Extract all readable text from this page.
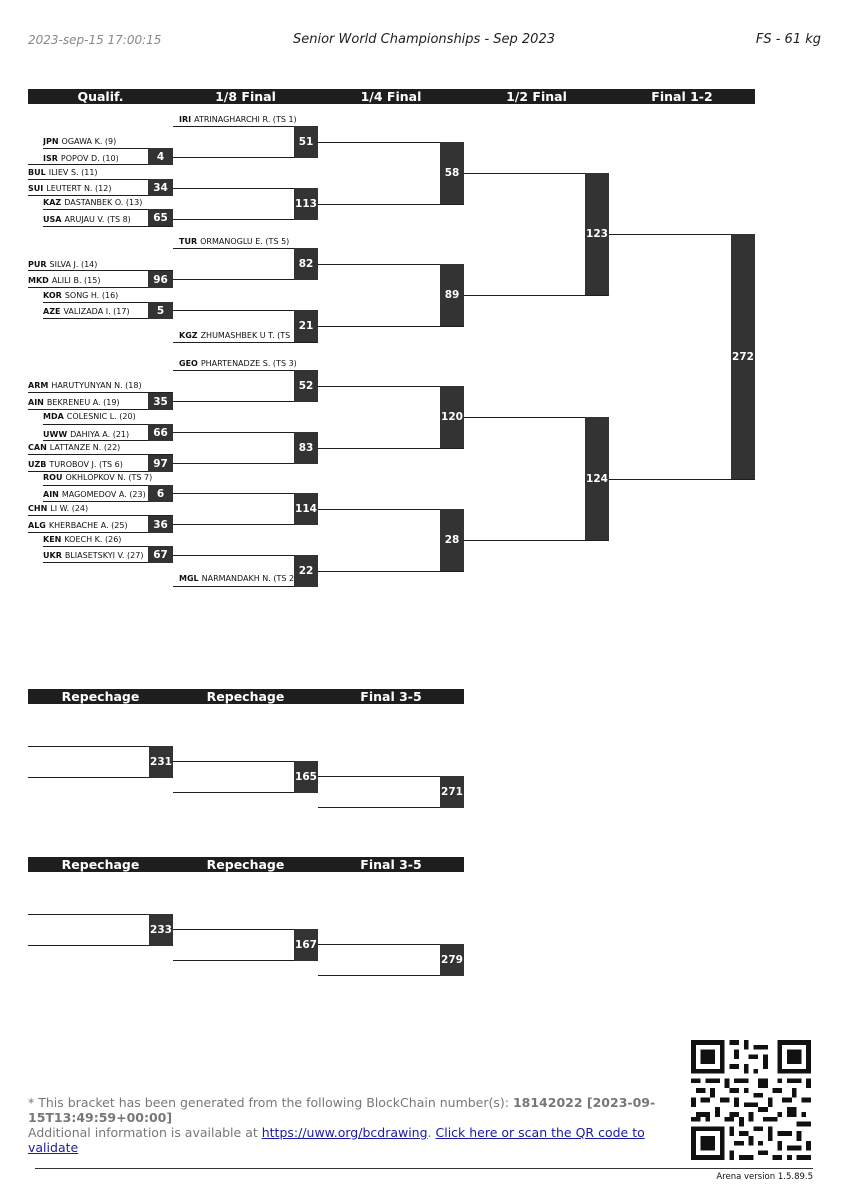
2023-sep-15 17:00:15	Senior World Championships - Sep 2023	FS - 61 kg
Qualif.	1/8 Final	1/4 Final	1/2 Final	Final 1-2
IRI ATRINAGHARCHI R. (TS 1)
JPN OGAWA K. (9)
ISR POPOV D. (10)
BUL ILIEV S. (11)
SUI LEUTERT N. (12)
KAZ DASTANBEK O. (13)
USA ARUJAU V. (TS 8)
TUR ORMANOGLU E. (TS 5)
PUR SILVA J. (14)
MKD ALILI B. (15)
KOR SONG H. (16)
AZE VALIZADA I. (17)
KGZ ZHUMASHBEK U T. (TS
GEO PHARTENADZE S. (TS 3)
ARM HARUTYUNYAN N. (18)
AIN BEKRENEU A. (19)
MDA COLESNIC L. (20)
UWW DAHIYA A. (21)
CAN LATTANZE N. (22)
UZB TUROBOV J. (TS 6)
ROU OKHLOPKOV N. (TS 7)
AIN MAGOMEDOV A. (23)
CHN LI W. (24)
ALG KHERBACHE A. (25)
KEN KOECH K. (26)
UKR BLIASETSKYI V. (27)
MGL NARMANDAKH N. (TS 2
4
34
65
96
5
35
66
97
6
36
67
51
113
82
21
52
83
114
22
58
89
120
28
123
124
272
Repechage	Repechage	Final 3-5
231
165
271
Repechage	Repechage	Final 3-5
233
167
279
* This bracket has been generated from the following BlockChain number(s): 18142022 [2023-09-15T13:49:59+00:00]
Additional information is available at https://uww.org/bcdrawing. Click here or scan the QR code to validate
Arena version 1.5.89.5
